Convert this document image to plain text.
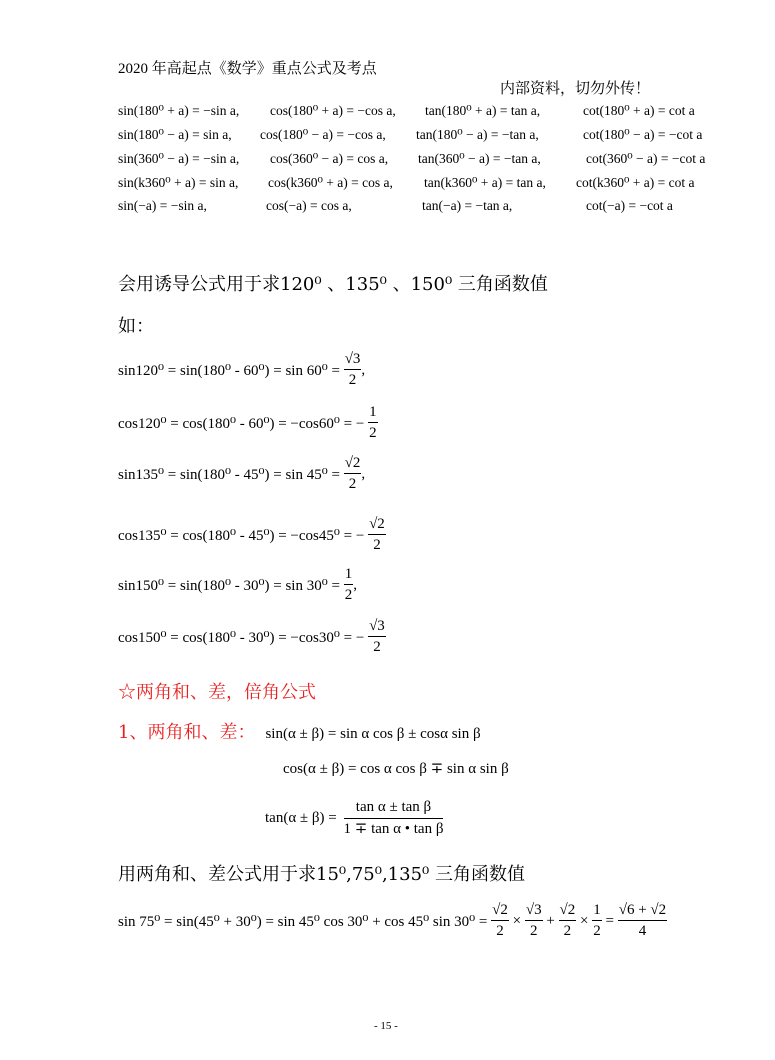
2020 年高起点《数学》重点公式及考点
内部资料，切勿外传！
sin(180⁰ + a) = −sin a, cos(180⁰ + a) = −cos a, tan(180⁰ + a) = tan a,	cot(180⁰ + a) = cot a
sin(180⁰ − a) = sin a, cos(180⁰ − a) = −cos a, tan(180⁰ − a) = −tan a,	cot(180⁰ − a) = −cot a
sin(360⁰ − a) = −sin a, cos(360⁰ − a) = cos a, tan(360⁰ − a) = −tan a,	cot(360⁰ − a) = −cot a
sin(k360⁰ + a) = sin a, cos(k360⁰ + a) = cos a, tan(k360⁰ + a) = tan a, cot(k360⁰ + a) = cot a
sin(−a) = −sin a,	cos(−a) = cos a,	tan(−a) = −tan a,	cot(−a) = −cot a
会用诱导公式用于求120⁰ 、135⁰ 、150⁰ 三角函数值
如：
$\sin 120^0 = \sin(180^0 - 60^0) = \sin 60^0 = \frac{√3}{2}$ ,
cos120⁰ = cos(180⁰ - 60⁰) = −cos60⁰ = − $\frac{1}{2}$
$\sin 135^0 = \sin(180^0 - 45^0) = \sin 45^0 = \frac{√2}{2}$ ,
cos135⁰ = cos(180⁰ - 45⁰) = −cos45⁰ = − $\frac{√2}{2}$
$\sin 150^0 = \sin(180^0 - 30^0) = \sin 30^0 = \frac{1}{2}$ ,
cos150⁰ = cos(180⁰ - 30⁰) = −cos30⁰ = − $\frac{√3}{2}$
☆两角和、差，倍角公式
1、两角和、差： sin(α ± β) = sin α cos β ± cosα sin β
cos(α ± β) = cos α cos β ∓ sin α sin β
$\tan(\alpha \pm \beta) = \frac{\text{tan α ± tan β}}{\text{1 ∓ tan α • tan β}}$
用两角和、差公式用于求15⁰,75⁰,135⁰ 三角函数值
sin 75⁰ = sin(45⁰ + 30⁰) = sin 45⁰ cos 30⁰ + cos 45⁰ $\sin 30^0 = \frac{√2}{2} \times \frac{√3}{2} + \frac{√2}{2} \times \frac{1}{2} = \frac{√6 + √2}{4}$
- 15 -
